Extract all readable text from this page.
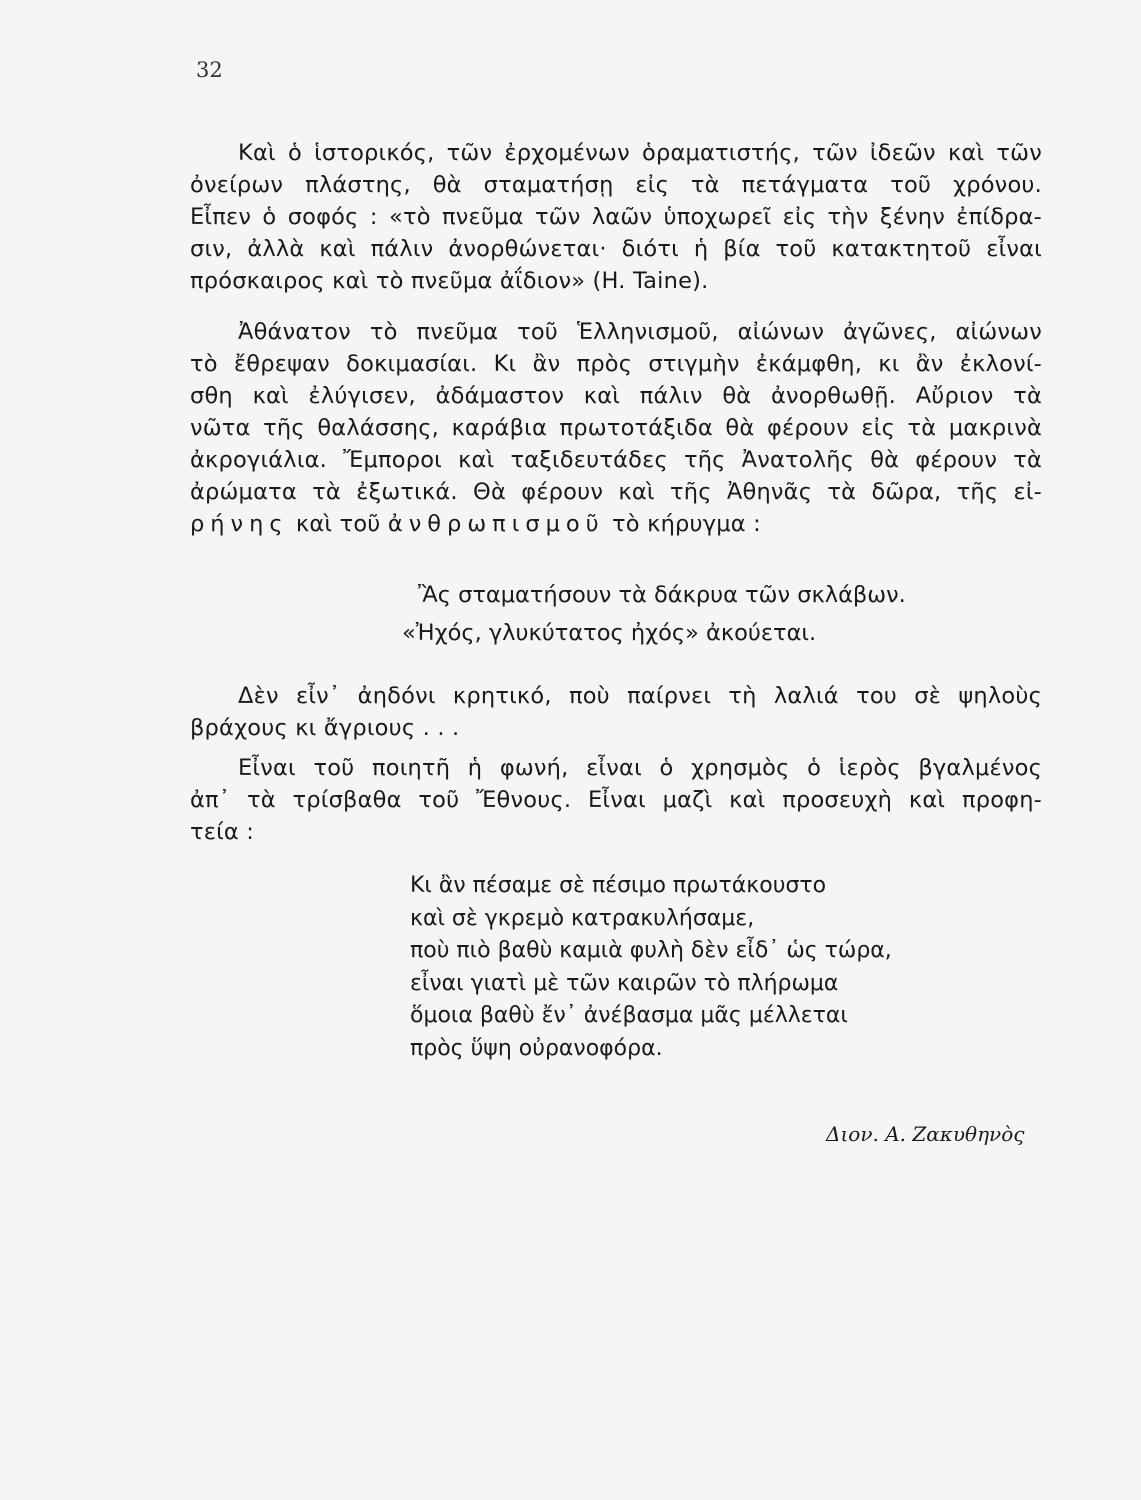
32

Καὶ ὁ ἱστορικός, τῶν ἐρχομένων ὁραματιστής, τῶν ἰδεῶν καὶ τῶν
ὀνείρων πλάστης, θὰ σταματήσῃ εἰς τὰ πετάγματα τοῦ χρόνου.
Εἶπεν ὁ σοφός : «τὸ πνεῦμα τῶν λαῶν ὑποχωρεῖ εἰς τὴν ξένην ἐπίδρα-
σιν, ἀλλὰ καὶ πάλιν ἀνορθώνεται· διότι ἡ βία τοῦ κατακτητοῦ εἶναι
πρόσκαιρος καὶ τὸ πνεῦμα ἀΐδιον» (H. Taine).

Ἀθάνατον τὸ πνεῦμα τοῦ Ἑλληνισμοῦ, αἰώνων ἀγῶνες, αἰώνων
τὸ ἔθρεψαν δοκιμασίαι. Κι ἂν πρὸς στιγμὴν ἐκάμφθη, κι ἂν ἐκλονί-
σθη καὶ ἐλύγισεν, ἀδάμαστον καὶ πάλιν θὰ ἀνορθωθῇ. Αὔριον τὰ
νῶτα τῆς θαλάσσης, καράβια πρωτοτάξιδα θὰ φέρουν εἰς τὰ μακρινὰ
ἀκρογιάλια. Ἔμποροι καὶ ταξιδευτάδες τῆς Ἀνατολῆς θὰ φέρουν τὰ
ἀρώματα τὰ ἐξωτικά. Θὰ φέρουν καὶ τῆς Ἀθηνᾶς τὰ δῶρα, τῆς εἰ-
ρήνης καὶ τοῦ ἀνθρωπισμοῦ τὸ κήρυγμα :

Ἂς σταματήσουν τὰ δάκρυα τῶν σκλάβων.
«Ἠχός, γλυκύτατος ἠχός» ἀκούεται.

Δὲν εἶν᾽ ἀηδόνι κρητικό, ποὺ παίρνει τὴ λαλιά του σὲ ψηλοὺς
βράχους κι ἄγριους . . .

Εἶναι τοῦ ποιητῆ ἡ φωνή, εἶναι ὁ χρησμὸς ὁ ἱερὸς βγαλμένος
ἀπ᾽ τὰ τρίσβαθα τοῦ Ἔθνους. Εἶναι μαζὶ καὶ προσευχὴ καὶ προφη-
τεία :

Κι ἂν πέσαμε σὲ πέσιμο πρωτάκουστο
καὶ σὲ γκρεμὸ κατρακυλήσαμε,
ποὺ πιὸ βαθὺ καμιὰ φυλὴ δὲν εἶδ᾽ ὡς τώρα,
εἶναι γιατὶ μὲ τῶν καιρῶν τὸ πλήρωμα
ὅμοια βαθὺ ἔν᾽ ἀνέβασμα μᾶς μέλλεται
πρὸς ὕψη οὐρανοφόρα.
Διον. Α. Ζακυθηνὸς
